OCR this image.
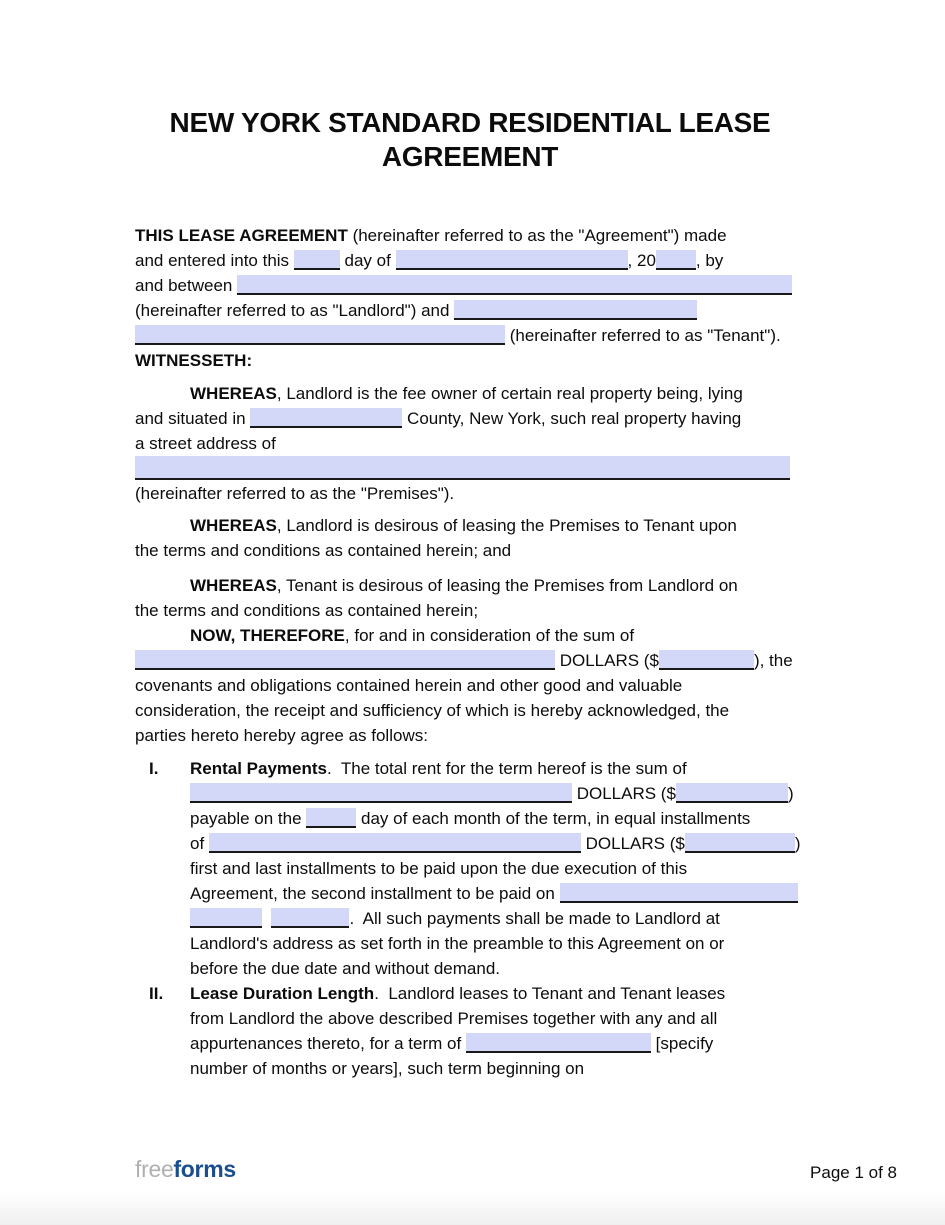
NEW YORK STANDARD RESIDENTIAL LEASE
AGREEMENT
THIS LEASE AGREEMENT (hereinafter referred to as the "Agreement") made
and entered into this	day of	, 20 , by
and between
(hereinafter referred to as "Landlord") and
(hereinafter referred to as "Tenant").
WITNESSETH:
WHEREAS, Landlord is the fee owner of certain real property being, lying
and situated in	County, New York, such real property having
a street address of
(hereinafter referred to as the "Premises").
WHEREAS, Landlord is desirous of leasing the Premises to Tenant upon
the terms and conditions as contained herein; and
WHEREAS, Tenant is desirous of leasing the Premises from Landlord on
the terms and conditions as contained herein;
NOW, THEREFORE, for and in consideration of the sum of
DOLLARS ($	), the
covenants and obligations contained herein and other good and valuable
consideration, the receipt and sufficiency of which is hereby acknowledged, the
parties hereto hereby agree as follows:
I. Rental Payments.  The total rent for the term hereof is the sum of
DOLLARS ($	)
payable on the	day of each month of the term, in equal installments
of	DOLLARS ($	)
first and last installments to be paid upon the due execution of this
Agreement, the second installment to be paid on
.  All such payments shall be made to Landlord at
Landlord's address as set forth in the preamble to this Agreement on or
before the due date and without demand.
II. Lease Duration Length.  Landlord leases to Tenant and Tenant leases
from Landlord the above described Premises together with any and all
appurtenances thereto, for a term of	[specify
number of months or years], such term beginning on
freeforms	Page 1 of 8
